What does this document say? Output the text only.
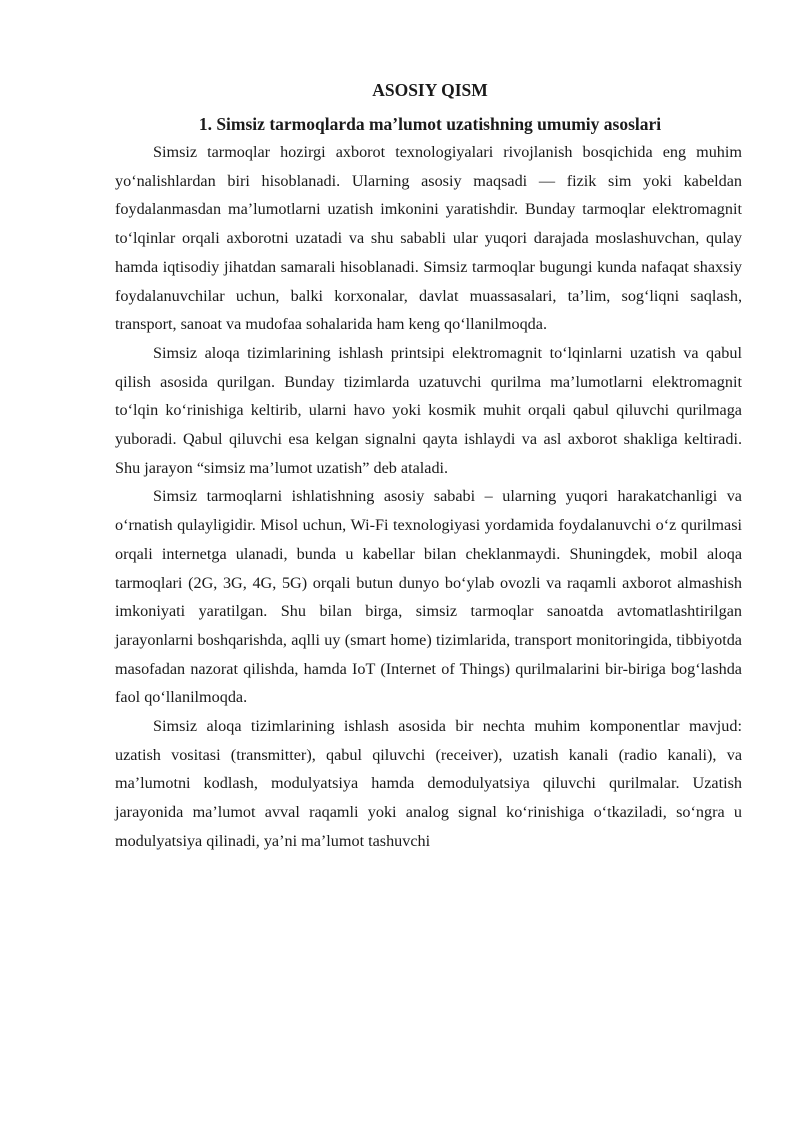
ASOSIY QISM
1. Simsiz tarmoqlarda ma’lumot uzatishning umumiy asoslari

Simsiz tarmoqlar hozirgi axborot texnologiyalari rivojlanish bosqichida eng muhim yo‘nalishlardan biri hisoblanadi. Ularning asosiy maqsadi — fizik sim yoki kabeldan foydalanmasdan ma’lumotlarni uzatish imkonini yaratishdir. Bunday tarmoqlar elektromagnit to‘lqinlar orqali axborotni uzatadi va shu sababli ular yuqori darajada moslashuvchan, qulay hamda iqtisodiy jihatdan samarali hisoblanadi. Simsiz tarmoqlar bugungi kunda nafaqat shaxsiy foydalanuvchilar uchun, balki korxonalar, davlat muassasalari, ta’lim, sog‘liqni saqlash, transport, sanoat va mudofaa sohalarida ham keng qo‘llanilmoqda.

Simsiz aloqa tizimlarining ishlash printsipi elektromagnit to‘lqinlarni uzatish va qabul qilish asosida qurilgan. Bunday tizimlarda uzatuvchi qurilma ma’lumotlarni elektromagnit to‘lqin ko‘rinishiga keltirib, ularni havo yoki kosmik muhit orqali qabul qiluvchi qurilmaga yuboradi. Qabul qiluvchi esa kelgan signalni qayta ishlaydi va asl axborot shakliga keltiradi. Shu jarayon “simsiz ma’lumot uzatish” deb ataladi.

Simsiz tarmoqlarni ishlatishning asosiy sababi – ularning yuqori harakatchanligi va o‘rnatish qulayligidir. Misol uchun, Wi-Fi texnologiyasi yordamida foydalanuvchi o‘z qurilmasi orqali internetga ulanadi, bunda u kabellar bilan cheklanmaydi. Shuningdek, mobil aloqa tarmoqlari (2G, 3G, 4G, 5G) orqali butun dunyo bo‘ylab ovozli va raqamli axborot almashish imkoniyati yaratilgan. Shu bilan birga, simsiz tarmoqlar sanoatda avtomatlashtirilgan jarayonlarni boshqarishda, aqlli uy (smart home) tizimlarida, transport monitoringida, tibbiyotda masofadan nazorat qilishda, hamda IoT (Internet of Things) qurilmalarini bir-biriga bog‘lashda faol qo‘llanilmoqda.

Simsiz aloqa tizimlarining ishlash asosida bir nechta muhim komponentlar mavjud: uzatish vositasi (transmitter), qabul qiluvchi (receiver), uzatish kanali (radio kanali), va ma’lumotni kodlash, modulyatsiya hamda demodulyatsiya qiluvchi qurilmalar. Uzatish jarayonida ma’lumot avval raqamli yoki analog signal ko‘rinishiga o‘tkaziladi, so‘ngra u modulyatsiya qilinadi, ya’ni ma’lumot tashuvchi
